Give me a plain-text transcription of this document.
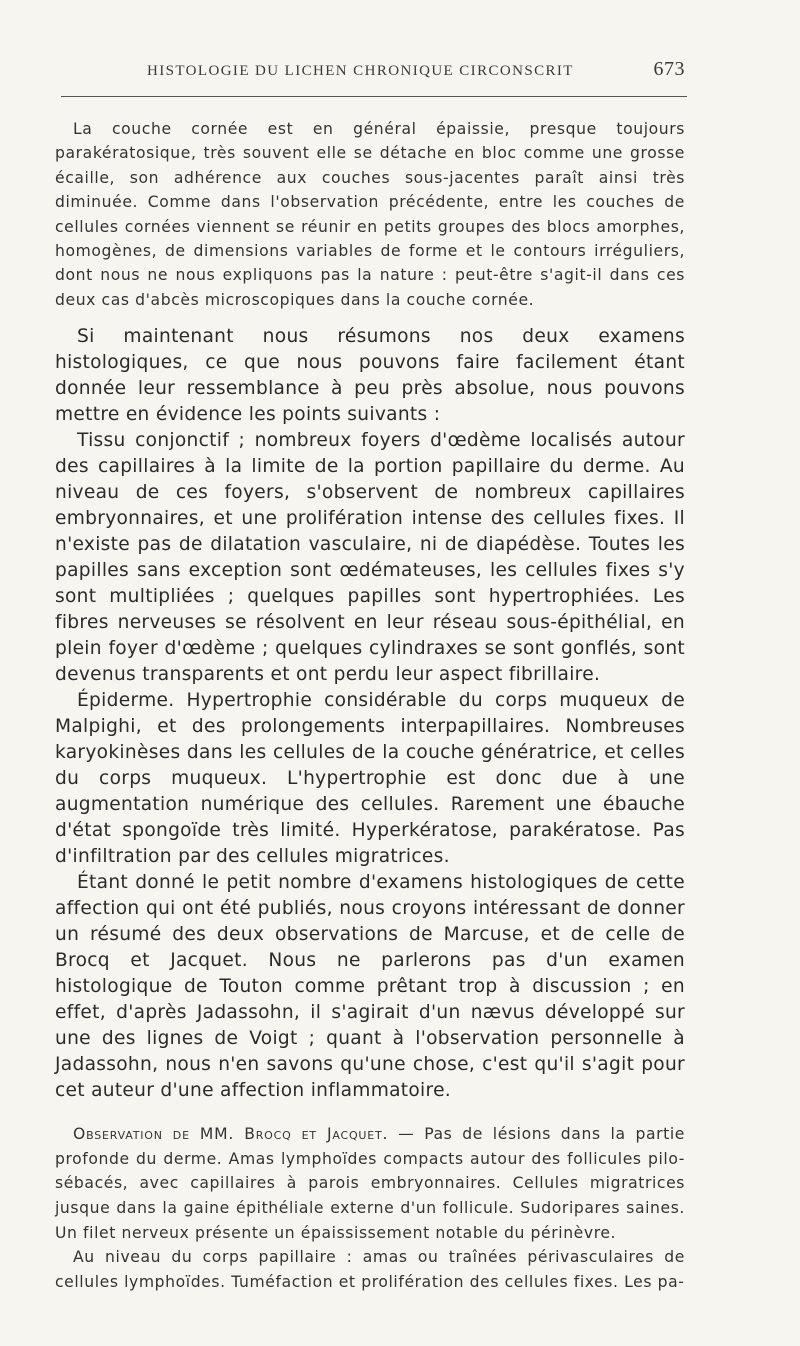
HISTOLOGIE DU LICHEN CHRONIQUE CIRCONSCRIT	673

La couche cornée est en général épaissie, presque toujours parakératosique, très souvent elle se détache en bloc comme une grosse écaille, son adhérence aux couches sous-jacentes paraît ainsi très diminuée. Comme dans l'observation précédente, entre les couches de cellules cornées viennent se réunir en petits groupes des blocs amorphes, homogènes, de dimensions variables de forme et le contours irréguliers, dont nous ne nous expliquons pas la nature : peut-être s'agit-il dans ces deux cas d'abcès microscopiques dans la couche cornée.

Si maintenant nous résumons nos deux examens histologiques, ce que nous pouvons faire facilement étant donnée leur ressemblance à peu près absolue, nous pouvons mettre en évidence les points suivants :

Tissu conjonctif ; nombreux foyers d'œdème localisés autour des capillaires à la limite de la portion papillaire du derme. Au niveau de ces foyers, s'observent de nombreux capillaires embryonnaires, et une prolifération intense des cellules fixes. Il n'existe pas de dilatation vasculaire, ni de diapédèse. Toutes les papilles sans exception sont œdémateuses, les cellules fixes s'y sont multipliées ; quelques papilles sont hypertrophiées. Les fibres nerveuses se résolvent en leur réseau sous-épithélial, en plein foyer d'œdème ; quelques cylindraxes se sont gonflés, sont devenus transparents et ont perdu leur aspect fibrillaire.

Épiderme. Hypertrophie considérable du corps muqueux de Malpighi, et des prolongements interpapillaires. Nombreuses karyokinèses dans les cellules de la couche génératrice, et celles du corps muqueux. L'hypertrophie est donc due à une augmentation numérique des cellules. Rarement une ébauche d'état spongoïde très limité. Hyperkératose, parakératose. Pas d'infiltration par des cellules migratrices.

Étant donné le petit nombre d'examens histologiques de cette affection qui ont été publiés, nous croyons intéressant de donner un résumé des deux observations de Marcuse, et de celle de Brocq et Jacquet. Nous ne parlerons pas d'un examen histologique de Touton comme prêtant trop à discussion ; en effet, d'après Jadassohn, il s'agirait d'un nævus développé sur une des lignes de Voigt ; quant à l'observation personnelle à Jadassohn, nous n'en savons qu'une chose, c'est qu'il s'agit pour cet auteur d'une affection inflammatoire.

Observation de MM. Brocq et Jacquet. — Pas de lésions dans la partie profonde du derme. Amas lymphoïdes compacts autour des follicules pilo-sébacés, avec capillaires à parois embryonnaires. Cellules migratrices jusque dans la gaine épithéliale externe d'un follicule. Sudoripares saines. Un filet nerveux présente un épaississement notable du périnèvre.

Au niveau du corps papillaire : amas ou traînées périvasculaires de cellules lymphoïdes. Tuméfaction et prolifération des cellules fixes. Les pa-
